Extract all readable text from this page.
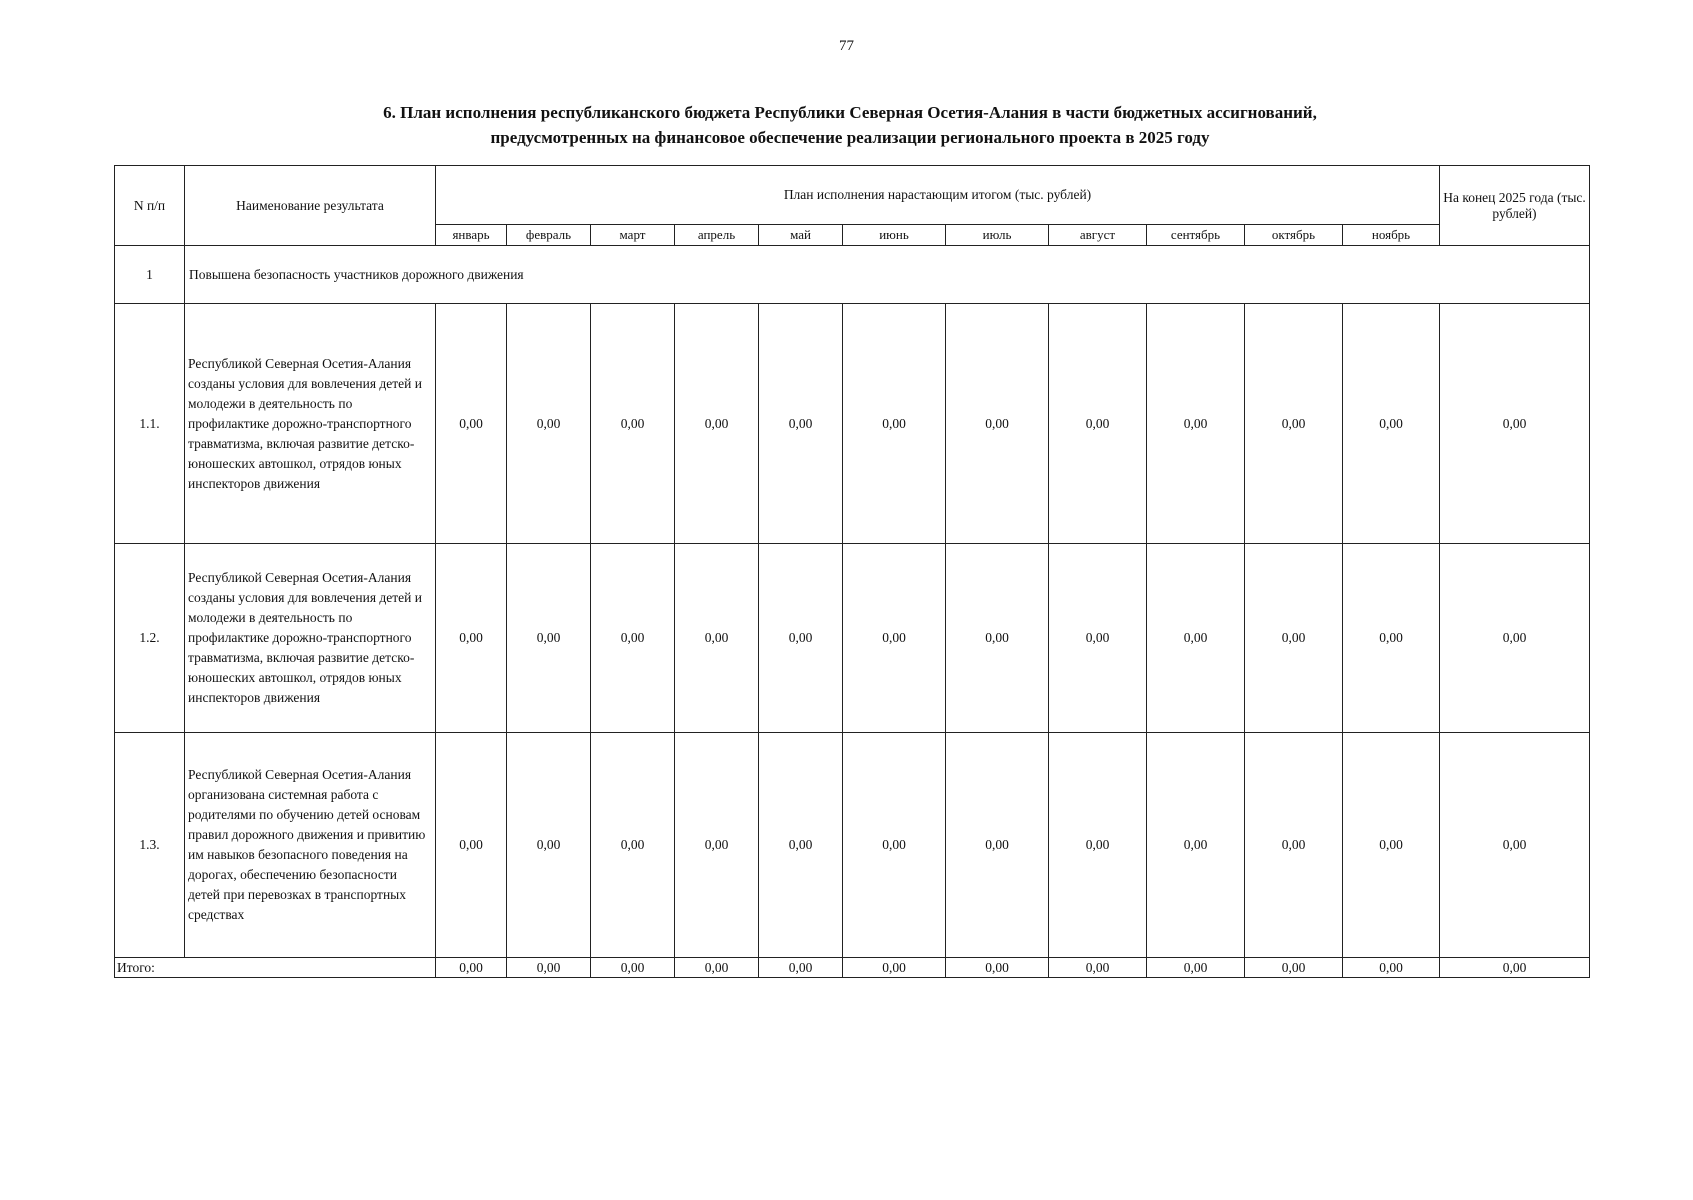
77
6. План исполнения республиканского бюджета Республики Северная Осетия-Алания в части бюджетных ассигнований,
предусмотренных на финансовое обеспечение реализации регионального проекта в 2025 году
N п/п	Наименование результата	План исполнения нарастающим итогом (тыс. рублей)											На конец 2025 года (тыс. рублей)
		январь	февраль	март	апрель	май	июнь	июль	август	сентябрь	октябрь	ноябрь	
1	Повышена безопасность участников дорожного движения												
1.1.	Республикой Северная Осетия-Алания созданы условия для вовлечения детей и молодежи в деятельность по профилактике дорожно-транспортного травматизма, включая развитие детско-юношеских автошкол, отрядов юных инспекторов движения	0,00	0,00	0,00	0,00	0,00	0,00	0,00	0,00	0,00	0,00	0,00	0,00
1.2.	Республикой Северная Осетия-Алания созданы условия для вовлечения детей и молодежи в деятельность по профилактике дорожно-транспортного травматизма, включая развитие детско-юношеских автошкол, отрядов юных инспекторов движения	0,00	0,00	0,00	0,00	0,00	0,00	0,00	0,00	0,00	0,00	0,00	0,00
1.3.	Республикой Северная Осетия-Алания организована системная работа с родителями по обучению детей основам правил дорожного движения и привитию им навыков безопасного поведения на дорогах, обеспечению безопасности детей при перевозках в транспортных средствах	0,00	0,00	0,00	0,00	0,00	0,00	0,00	0,00	0,00	0,00	0,00	0,00
Итого:		0,00	0,00	0,00	0,00	0,00	0,00	0,00	0,00	0,00	0,00	0,00	0,00
